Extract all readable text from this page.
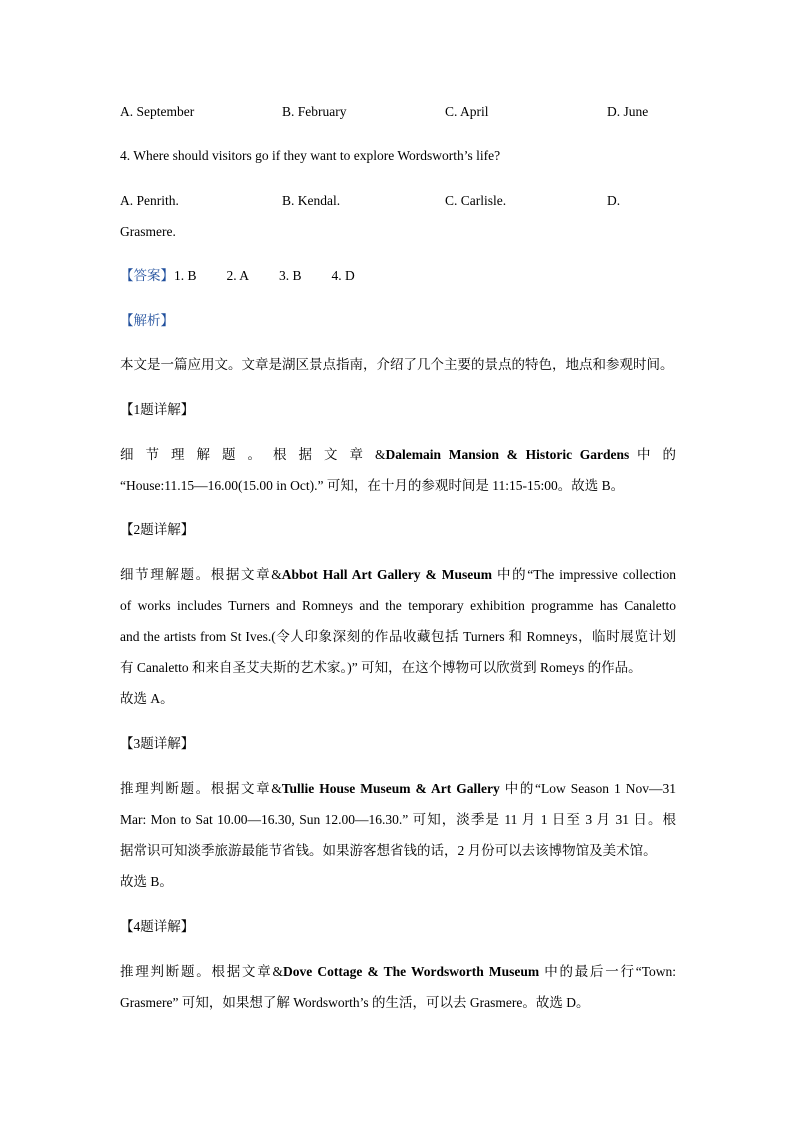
A. September	B. February	C. April	D. June
4. Where should visitors go if they want to explore Wordsworth’s life?
A. Penrith.	B. Kendal.	C. Carlisle.	D.
Grasmere.
【答案】1. B 2. A 3. B 4. D
【解析】
本文是一篇应用文。文章是湖区景点指南，介绍了几个主要的景点的特色，地点和参观时间。
【1题详解】
细 节 理 解 题 。 根 据 文 章 &Dalemain Mansion & Historic Gardens 中 的
“House:11.15—16.00(15.00 in Oct).” 可知，在十月的参观时间是 11:15-15:00。故选 B。
【2题详解】
细节理解题。根据文章&Abbot Hall Art Gallery & Museum 中的“The impressive collection
of works includes Turners and Romneys and the temporary exhibition programme has Canaletto
and the artists from St Ives.(令人印象深刻的作品收藏包括 Turners 和 Romneys，临时展览计划
有 Canaletto 和来自圣艾夫斯的艺术家。)” 可知，在这个博物可以欣赏到 Romeys 的作品。
故选 A。
【3题详解】
推理判断题。根据文章&Tullie House Museum & Art Gallery 中的“Low Season 1 Nov—31
Mar: Mon to Sat 10.00—16.30, Sun 12.00—16.30.” 可知，淡季是 11 月 1 日至 3 月 31 日。根
据常识可知淡季旅游最能节省钱。如果游客想省钱的话，2 月份可以去该博物馆及美术馆。
故选 B。
【4题详解】
推理判断题。根据文章&Dove Cottage & The Wordsworth Museum 中的最后一行“Town:
Grasmere” 可知，如果想了解 Wordsworth’s 的生活，可以去 Grasmere。故选 D。
